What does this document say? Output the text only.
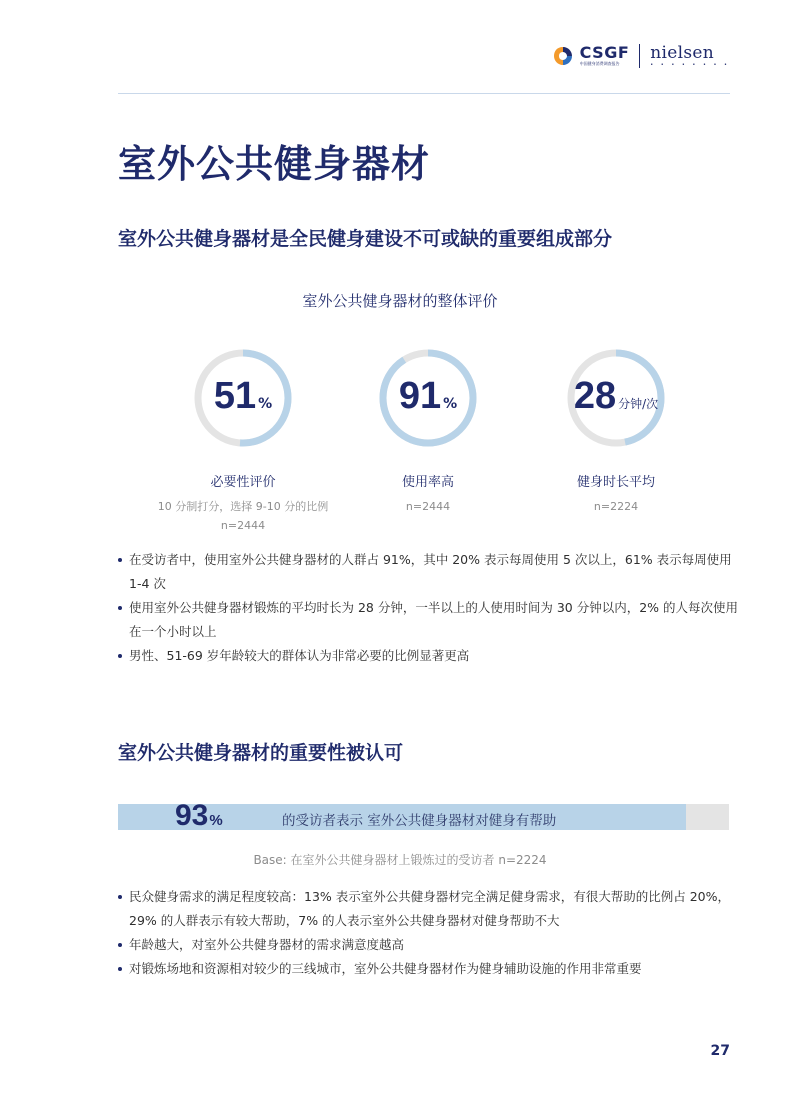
CSGF
中国健身消费调查报告
nielsen
• • • • • • • •
室外公共健身器材
室外公共健身器材是全民健身建设不可或缺的重要组成部分
室外公共健身器材的整体评价
51 %	91 %	28 分钟/次
必要性评价
10 分制打分，选择 9-10 分的比例
n=2444
使用率高
n=2444
健身时长平均
n=2224
在受访者中，使用室外公共健身器材的人群占 91%，其中 20% 表示每周使用 5 次以上，61% 表示每周使用 1-4 次
使用室外公共健身器材锻炼的平均时长为 28 分钟，一半以上的人使用时间为 30 分钟以内，2% 的人每次使用在一个小时以上
男性、51-69 岁年龄较大的群体认为非常必要的比例显著更高
室外公共健身器材的重要性被认可
93%	的受访者表示 室外公共健身器材对健身有帮助
Base: 在室外公共健身器材上锻炼过的受访者 n=2224
民众健身需求的满足程度较高：13% 表示室外公共健身器材完全满足健身需求，有很大帮助的比例占 20%，29% 的人群表示有较大帮助，7% 的人表示室外公共健身器材对健身帮助不大
年龄越大，对室外公共健身器材的需求满意度越高
对锻炼场地和资源相对较少的三线城市，室外公共健身器材作为健身辅助设施的作用非常重要
27
